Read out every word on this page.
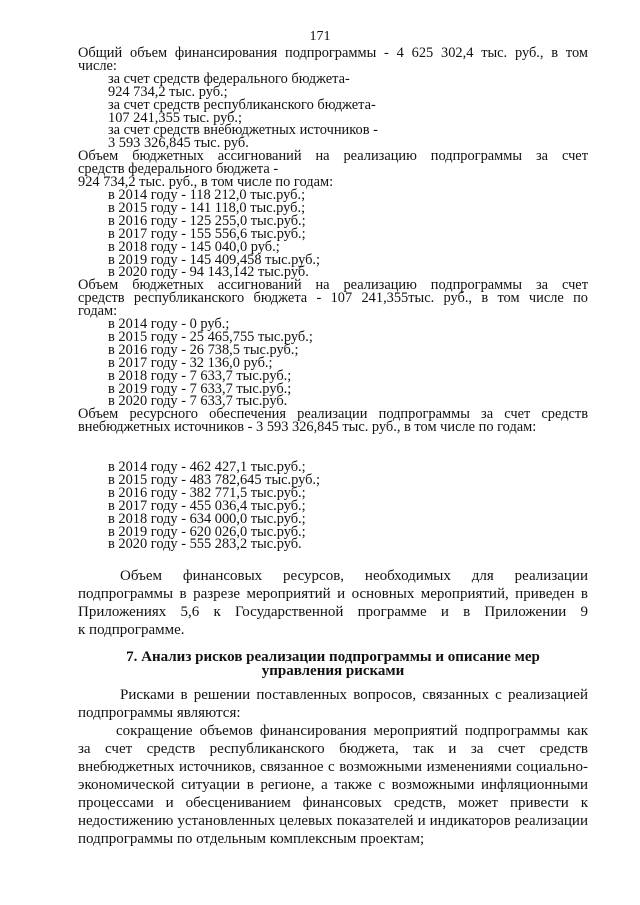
171
Общий объем финансирования подпрограммы - 4 625 302,4 тыс. руб., в том
числе:
за счет средств федерального бюджета-
924 734,2 тыс. руб.;
за счет средств республиканского бюджета-
107 241,355 тыс. руб.;
за счет средств внебюджетных источников -
3 593 326,845 тыс. руб.
Объем бюджетных ассигнований на реализацию подпрограммы за счет
средств федерального бюджета -
924 734,2 тыс. руб., в том числе по годам:
в 2014 году - 118 212,0 тыс.руб.;
в 2015 году - 141 118,0 тыс.руб.;
в 2016 году - 125 255,0 тыс.руб.;
в 2017 году - 155 556,6 тыс.руб.;
в 2018 году - 145 040,0 руб.;
в 2019 году - 145 409,458 тыс.руб.;
в 2020 году - 94 143,142 тыс.руб.
Объем бюджетных ассигнований на реализацию подпрограммы за счет
средств республиканского бюджета - 107 241,355тыс. руб., в том числе по
годам:
в 2014 году - 0 руб.;
в 2015 году - 25 465,755 тыс.руб.;
в 2016 году - 26 738,5 тыс.руб.;
в 2017 году - 32 136,0 руб.;
в 2018 году - 7 633,7 тыс.руб.;
в 2019 году - 7 633,7 тыс.руб.;
в 2020 году - 7 633,7 тыс.руб.
Объем ресурсного обеспечения реализации подпрограммы за счет средств
внебюджетных источников - 3 593 326,845 тыс. руб., в том числе по годам:
в 2014 году - 462 427,1 тыс.руб.;
в 2015 году - 483 782,645 тыс.руб.;
в 2016 году - 382 771,5 тыс.руб.;
в 2017 году - 455 036,4 тыс.руб.;
в 2018 году - 634 000,0 тыс.руб.;
в 2019 году - 620 026,0 тыс.руб.;
в 2020 году - 555 283,2 тыс.руб.
Объем финансовых ресурсов, необходимых для реализации
подпрограммы в разрезе мероприятий и основных мероприятий, приведен в
Приложениях 5,6 к Государственной программе и в Приложении 9
к подпрограмме.
7. Анализ рисков реализации подпрограммы и описание мер
управления рисками
Рисками в решении поставленных вопросов, связанных с реализацией
подпрограммы являются:
сокращение объемов финансирования мероприятий подпрограммы как
за счет средств республиканского бюджета, так и за счет средств
внебюджетных источников, связанное с возможными изменениями социально-
экономической ситуации в регионе, а также с возможными инфляционными
процессами и обесцениванием финансовых средств, может привести к
недостижению установленных целевых показателей и индикаторов реализации
подпрограммы по отдельным комплексным проектам;
